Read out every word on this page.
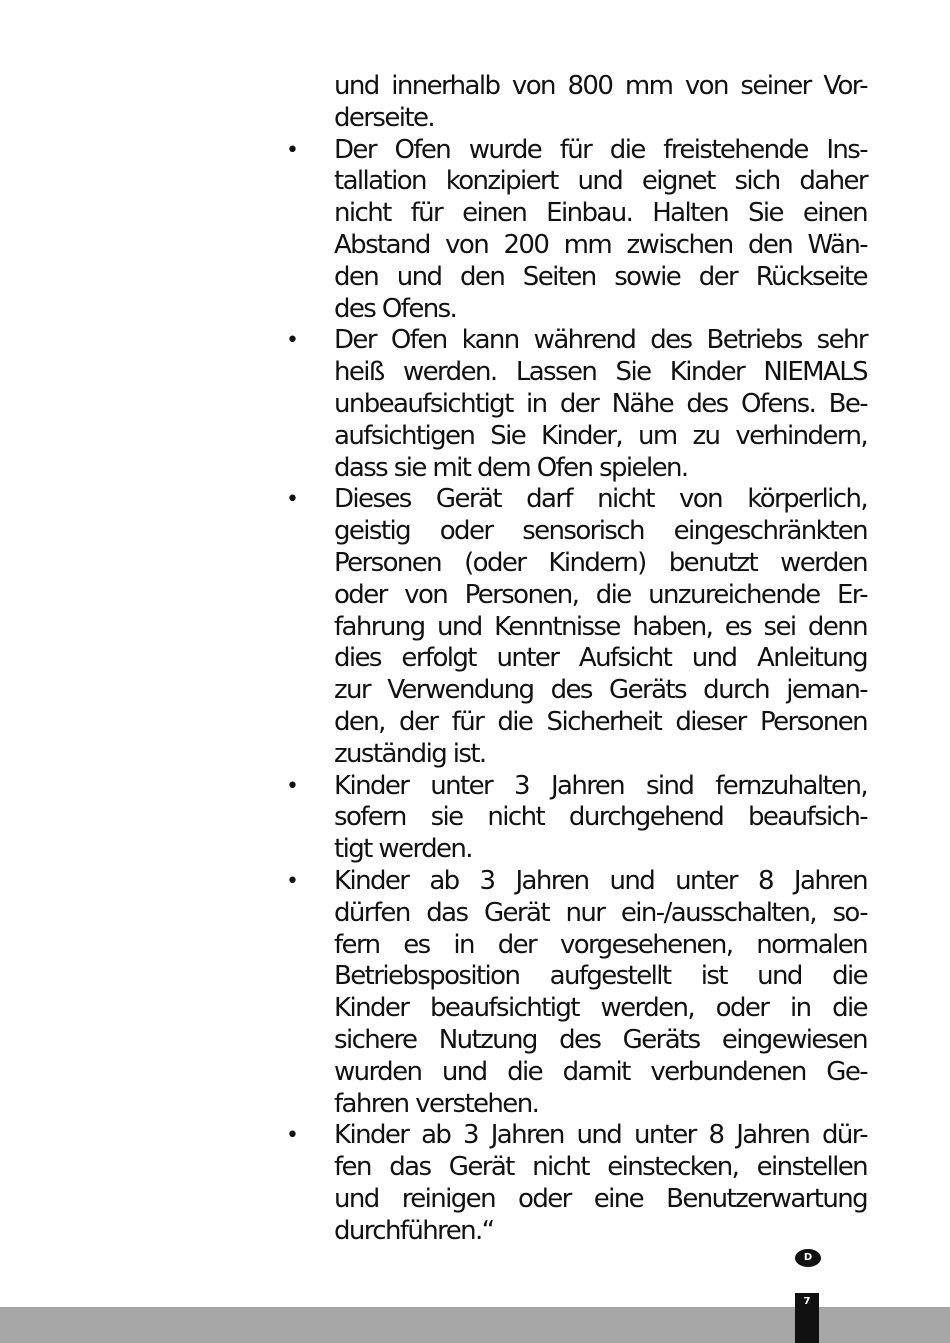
und innerhalb von 800 mm von seiner Vor-
derseite.
•	Der Ofen wurde für die freistehende Ins-
tallation konzipiert und eignet sich daher
nicht für einen Einbau. Halten Sie einen
Abstand von 200 mm zwischen den Wän-
den und den Seiten sowie der Rückseite
des Ofens.
•	Der Ofen kann während des Betriebs sehr
heiß werden. Lassen Sie Kinder NIEMALS
unbeaufsichtigt in der Nähe des Ofens. Be-
aufsichtigen Sie Kinder, um zu verhindern,
dass sie mit dem Ofen spielen.
•	Dieses Gerät darf nicht von körperlich,
geistig oder sensorisch eingeschränkten
Personen (oder Kindern) benutzt werden
oder von Personen, die unzureichende Er-
fahrung und Kenntnisse haben, es sei denn
dies erfolgt unter Aufsicht und Anleitung
zur Verwendung des Geräts durch jeman-
den, der für die Sicherheit dieser Personen
zuständig ist.
•	Kinder unter 3 Jahren sind fernzuhalten,
sofern sie nicht durchgehend beaufsich-
tigt werden.
•	Kinder ab 3 Jahren und unter 8 Jahren
dürfen das Gerät nur ein-/ausschalten, so-
fern es in der vorgesehenen, normalen
Betriebsposition aufgestellt ist und die
Kinder beaufsichtigt werden, oder in die
sichere Nutzung des Geräts eingewiesen
wurden und die damit verbundenen Ge-
fahren verstehen.
•	Kinder ab 3 Jahren und unter 8 Jahren dür-
fen das Gerät nicht einstecken, einstellen
und reinigen oder eine Benutzerwartung
durchführen.“
D
7
